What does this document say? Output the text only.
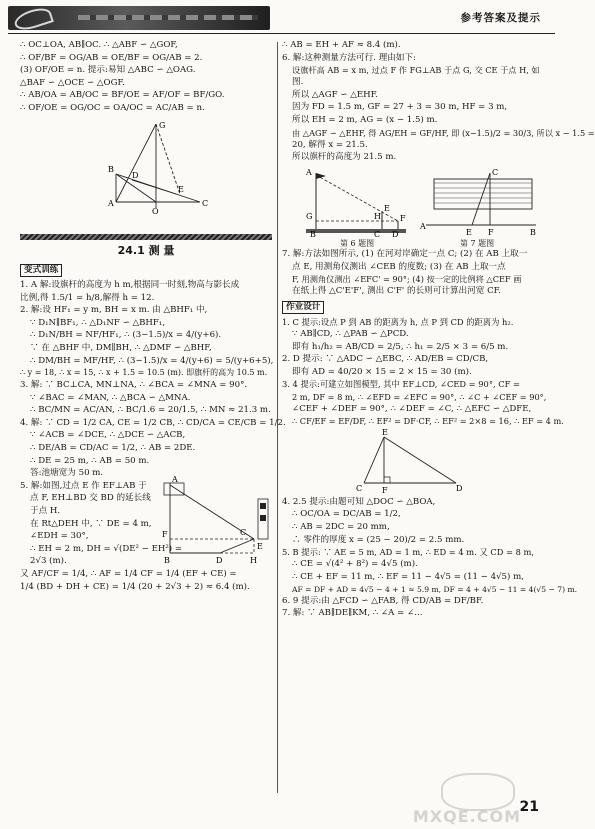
参考答案及提示
∴ OC⊥OA, AB∥OC. ∴ △ABF ∽ △GOF,
∴ OF/BF = OG/AB = OE/BF = OG/AB = 2.
(3) OF/OE = n. 提示:易知 △ABC ∽ △OAG.
△BAF ∽ △OCE ∽ △OGF.
∴ AB/OA = AB/OC = BF/OE = AF/OF = BF/GO.
∴ OF/OE = OG/OC = OA/OC = AC/AB = n.
G
B
D
E
A
O
C
24.1 测 量
变式训练
1. A 解:设旗杆的高度为 h m,根据同一时刻,物高与影长成
比例,得 1.5/1 = h/8,解得 h = 12.
2. 解:设 HF₁ = y m, BH = x m. 由 △BHF₁ 中,
∵ D₁N∥BF₁, ∴ △D₁NF ∽ △BHF₁,
∴ D₁N/BH = NF/HF₁, ∴ (3−1.5)/x = 4/(y+6).
∵ 在 △BHF 中, DM∥BH, ∴ △DMF ∽ △BHF,
∴ DM/BH = MF/HF, ∴ (3−1.5)/x = 4/(y+6) = 5/(y+6+5),
∴ y = 18, ∴ x = 15, ∴ x + 1.5 = 10.5 (m). 即旗杆的高为 10.5 m.
3. 解: ∵ BC⊥CA, MN⊥NA, ∴ ∠BCA = ∠MNA = 90°.
∵ ∠BAC = ∠MAN, ∴ △BCA ∽ △MNA.
∴ BC/MN = AC/AN, ∴ BC/1.6 = 20/1.5, ∴ MN ≈ 21.3 m.
4. 解: ∵ CD = 1/2 CA, CE = 1/2 CB, ∴ CD/CA = CE/CB = 1/2.
∵ ∠ACB = ∠DCE, ∴ △DCE ∽ △ACB,
∴ DE/AB = CD/AC = 1/2, ∴ AB = 2DE.
∴ DE = 25 m, ∴ AB = 50 m.
答:池塘宽为 50 m.
5. 解:如图,过点 E 作 EF⊥AB 于
点 F, EH⊥BD 交 BD 的延长线
于点 H.
在 Rt△DEH 中, ∵ DE = 4 m,
∠EDH = 30°,
∴ EH = 2 m, DH = √(DE² − EH²) =
2√3 (m).
A
F
B	D	H
C
E
又 AF/CF = 1/4, ∴ AF = 1/4 CF = 1/4 (EF + CE) =
1/4 (BD + DH + CE) = 1/4 (20 + 2√3 + 2) ≈ 6.4 (m).
∴ AB = EH + AF ≈ 8.4 (m).
6. 解:这种测量方法可行. 理由如下:
设旗杆高 AB = x m, 过点 F 作 FG⊥AB 于点 G, 交 CE 于点 H, 如
图.
所以 △AGF ∽ △EHF.
因为 FD = 1.5 m, GF = 27 + 3 = 30 m, HF = 3 m,
所以 EH = 2 m, AG = (x − 1.5) m.
由 △AGF ∽ △EHF, 得 AG/EH = GF/HF, 即 (x−1.5)/2 = 30/3, 所以 x − 1.5 =
20, 解得 x = 21.5.
所以旗杆的高度为 21.5 m.
A
G	H
E
F
B	C D
A
E F	B
C
第 6 题图	第 7 题图
7. 解:方法如图所示, (1) 在河对岸确定一点 C; (2) 在 AB 上取一
点 E, 用测角仪测出 ∠CEB 的度数; (3) 在 AB 上取一点
F, 用测角仪测出 ∠EFC' = 90°; (4) 按一定的比例将 △CEF 画
在纸上得 △C'E'F', 测出 C'F' 的长则可计算出河宽 CF.
作业设计
1. C 提示:设点 P 到 AB 的距离为 h, 点 P 到 CD 的距离为 h₂.
∵ AB∥CD, ∴ △PAB ∽ △PCD.
即有 h₁/h₂ = AB/CD = 2/5, ∴ h₁ = 2/5 × 3 = 6/5 m.
2. D 提示: ∵ △ADC ∽ △EBC, ∴ AD/EB = CD/CB,
即有 AD = 40/20 × 15 = 2 × 15 = 30 (m).
3. 4 提示:可建立如图模型, 其中 EF⊥CD, ∠CED = 90°, CF =
2 m, DF = 8 m, ∴ ∠EFD = ∠EFC = 90°, ∴ ∠C + ∠CEF = 90°,
∠CEF + ∠DEF = 90°, ∴ ∠DEF = ∠C, ∴ △EFC ∽ △DFE,
∴ CF/EF = EF/DF, ∴ EF² = DF·CF, ∴ EF² = 2×8 = 16, ∴ EF = 4 m.
E
C F	D
4. 2.5 提示:由题可知 △DOC ∽ △BOA,
∴ OC/OA = DC/AB = 1/2,
∴ AB = 2DC = 20 mm,
∴ 零件的厚度 x = (25 − 20)/2 = 2.5 mm.
5. B 提示: ∵ AE = 5 m, AD = 1 m, ∴ ED = 4 m. 又 CD = 8 m,
∴ CE = √(4² + 8²) = 4√5 (m).
∴ CE + EF = 11 m, ∴ EF = 11 − 4√5 = (11 − 4√5) m,
AF = DF + AD = 4√5 − 4 + 1 ≈ 5.9 m, DF = 4 + 4√5 − 11 = 4(√5 − 7) m.
6. 9 提示:由 △FCD ∽ △FAB, 得 CD/AB = DF/BF.
7. 解: ∵ AB∥DE∥KM, ∴ ∠A = ∠...
MXQE.COM
21
